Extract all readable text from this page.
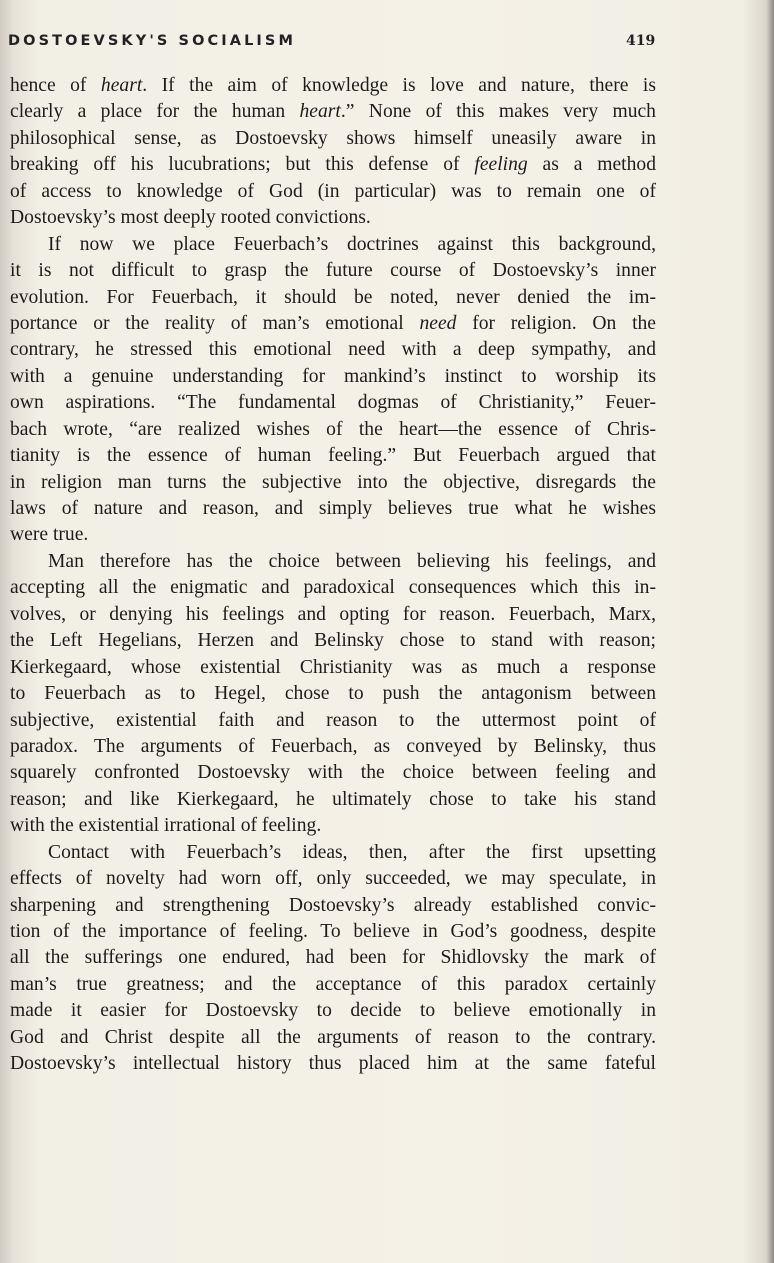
DOSTOEVSKY'S SOCIALISM	419
hence of heart. If the aim of knowledge is love and nature, there is
clearly a place for the human heart.” None of this makes very much
philosophical sense, as Dostoevsky shows himself uneasily aware in
breaking off his lucubrations; but this defense of feeling as a method
of access to knowledge of God (in particular) was to remain one of
Dostoevsky’s most deeply rooted convictions.
If now we place Feuerbach’s doctrines against this background,
it is not difficult to grasp the future course of Dostoevsky’s inner
evolution. For Feuerbach, it should be noted, never denied the im-
portance or the reality of man’s emotional need for religion. On the
contrary, he stressed this emotional need with a deep sympathy, and
with a genuine understanding for mankind’s instinct to worship its
own aspirations. “The fundamental dogmas of Christianity,” Feuer-
bach wrote, “are realized wishes of the heart—the essence of Chris-
tianity is the essence of human feeling.” But Feuerbach argued that
in religion man turns the subjective into the objective, disregards the
laws of nature and reason, and simply believes true what he wishes
were true.
Man therefore has the choice between believing his feelings, and
accepting all the enigmatic and paradoxical consequences which this in-
volves, or denying his feelings and opting for reason. Feuerbach, Marx,
the Left Hegelians, Herzen and Belinsky chose to stand with reason;
Kierkegaard, whose existential Christianity was as much a response
to Feuerbach as to Hegel, chose to push the antagonism between
subjective, existential faith and reason to the uttermost point of
paradox. The arguments of Feuerbach, as conveyed by Belinsky, thus
squarely confronted Dostoevsky with the choice between feeling and
reason; and like Kierkegaard, he ultimately chose to take his stand
with the existential irrational of feeling.
Contact with Feuerbach’s ideas, then, after the first upsetting
effects of novelty had worn off, only succeeded, we may speculate, in
sharpening and strengthening Dostoevsky’s already established convic-
tion of the importance of feeling. To believe in God’s goodness, despite
all the sufferings one endured, had been for Shidlovsky the mark of
man’s true greatness; and the acceptance of this paradox certainly
made it easier for Dostoevsky to decide to believe emotionally in
God and Christ despite all the arguments of reason to the contrary.
Dostoevsky’s intellectual history thus placed him at the same fateful
